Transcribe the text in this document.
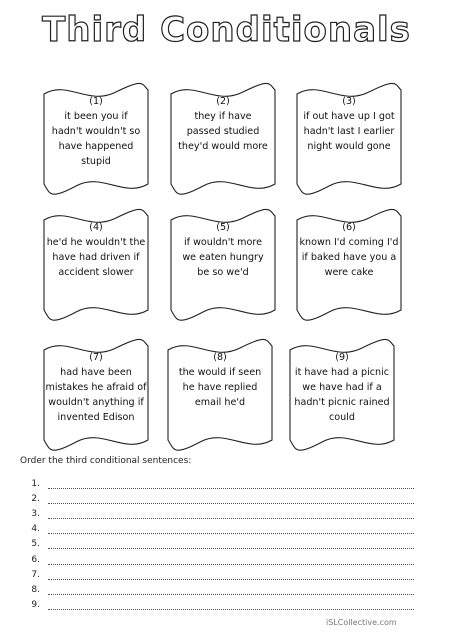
Third Conditionals
(1)
it been you if
hadn't wouldn't so
have happened
stupid
(2)
they if have
passed studied
they'd would more
(3)
if out have up I got
hadn't last I earlier
night would gone
(4)
he'd he wouldn't the
have had driven if
accident slower
(5)
if wouldn't more
we eaten hungry
be so we'd
(6)
known I'd coming I'd
if baked have you a
were cake
(7)
had have been
mistakes he afraid of
wouldn't anything if
invented Edison
(8)
the would if seen
he have replied
email he'd
(9)
it have had a picnic
we have had if a
hadn't picnic rained
could
Order the third conditional sentences:
1.
2.
3.
4.
5.
6.
7.
8.
9.
iSLCollective.com
